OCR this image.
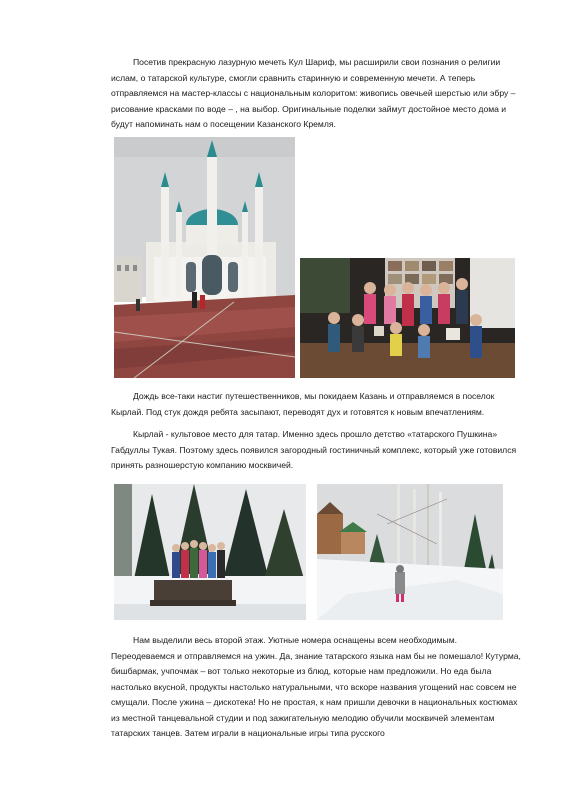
Посетив прекрасную лазурную мечеть Кул Шариф, мы расширили свои познания о религии ислам, о татарской культуре, смогли сравнить старинную и современную мечети. А теперь отправляемся на мастер-классы с национальным колоритом: живопись овечьей шерстью или эбру – рисование красками по воде – , на выбор. Оригинальные поделки займут достойное место дома и будут напоминать нам о посещении Казанского Кремля.

Дождь все-таки настиг путешественников, мы покидаем Казань и отправляемся в поселок Кырлай. Под стук дождя ребята засыпают, переводят дух и готовятся к новым впечатлениям.

Кырлай - культовое место для татар. Именно здесь прошло детство «татарского Пушкина» Габдуллы Тукая. Поэтому здесь появился загородный гостиничный комплекс, который уже готовился принять разношерстую компанию москвичей.

Нам выделили весь второй этаж. Уютные номера оснащены всем необходимым. Переодеваемся и отправляемся на ужин. Да, знание татарского языка нам бы не помешало! Кутурма, бишбармак, учпочмак – вот только некоторые из блюд, которые нам предложили. Но еда была настолько вкусной, продукты настолько натуральными, что вскоре названия угощений нас совсем не смущали. После ужина – дискотека! Но не простая, к нам пришли девочки в национальных костюмах из местной танцевальной студии и под зажигательную мелодию обучили москвичей элементам татарских танцев. Затем играли в национальные игры типа русского
